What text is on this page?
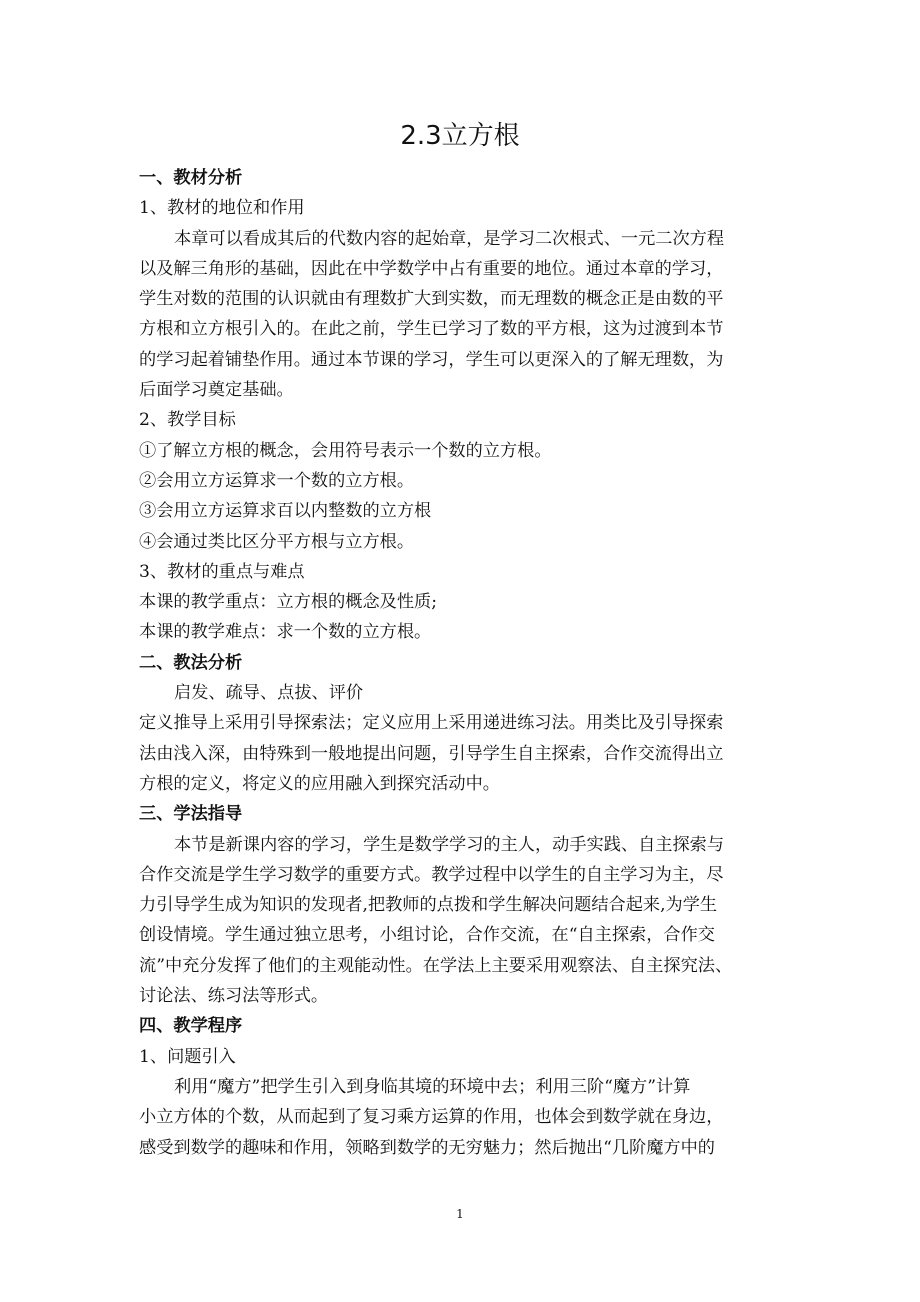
2.3立方根
一、教材分析
1、教材的地位和作用
本章可以看成其后的代数内容的起始章，是学习二次根式、一元二次方程
以及解三角形的基础，因此在中学数学中占有重要的地位。通过本章的学习，
学生对数的范围的认识就由有理数扩大到实数，而无理数的概念正是由数的平
方根和立方根引入的。在此之前，学生已学习了数的平方根，这为过渡到本节
的学习起着铺垫作用。通过本节课的学习，学生可以更深入的了解无理数，为
后面学习奠定基础。
2、教学目标
①了解立方根的概念，会用符号表示一个数的立方根。
②会用立方运算求一个数的立方根。
③会用立方运算求百以内整数的立方根
④会通过类比区分平方根与立方根。
3、教材的重点与难点
本课的教学重点：立方根的概念及性质;
本课的教学难点：求一个数的立方根。
二、教法分析
启发、疏导、点拔、评价
定义推导上采用引导探索法；定义应用上采用递进练习法。用类比及引导探索
法由浅入深，由特殊到一般地提出问题，引导学生自主探索，合作交流得出立
方根的定义，将定义的应用融入到探究活动中。
三、学法指导
本节是新课内容的学习，学生是数学学习的主人，动手实践、自主探索与
合作交流是学生学习数学的重要方式。教学过程中以学生的自主学习为主，尽
力引导学生成为知识的发现者,把教师的点拨和学生解决问题结合起来,为学生
创设情境。学生通过独立思考，小组讨论，合作交流，在“自主探索，合作交
流”中充分发挥了他们的主观能动性。在学法上主要采用观察法、自主探究法、
讨论法、练习法等形式。
四、教学程序
1、问题引入
利用“魔方”把学生引入到身临其境的环境中去；利用三阶“魔方”计算
小立方体的个数，从而起到了复习乘方运算的作用，也体会到数学就在身边，
感受到数学的趣味和作用，领略到数学的无穷魅力；然后抛出“几阶魔方中的
1
